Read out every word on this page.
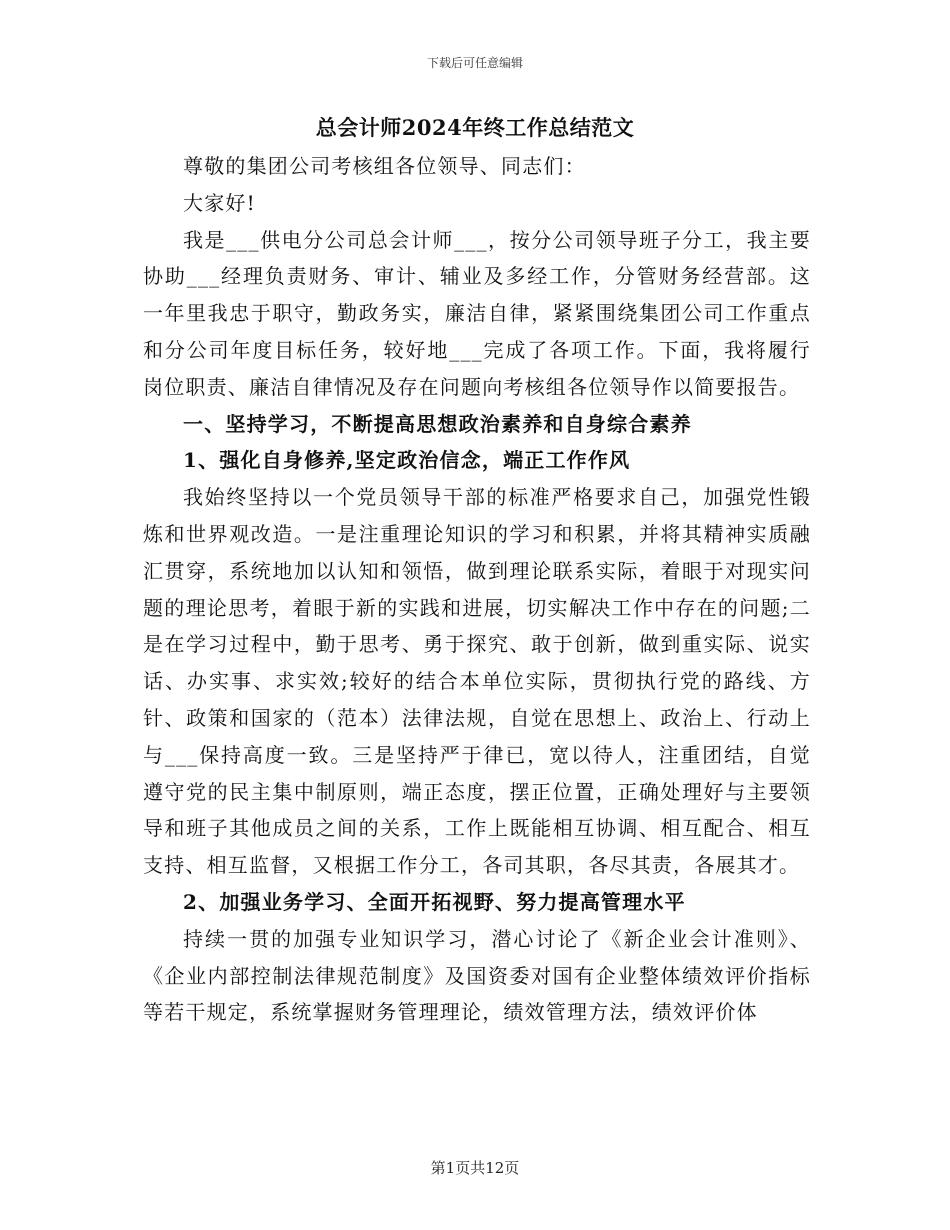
下载后可任意编辑
总会计师2024年终工作总结范文

尊敬的集团公司考核组各位领导、同志们：

大家好!

我是___供电分公司总会计师___，按分公司领导班子分工，我主要协助___经理负责财务、审计、辅业及多经工作，分管财务经营部。这一年里我忠于职守，勤政务实，廉洁自律，紧紧围绕集团公司工作重点和分公司年度目标任务，较好地___完成了各项工作。下面，我将履行岗位职责、廉洁自律情况及存在问题向考核组各位领导作以简要报告。

一、坚持学习，不断提高思想政治素养和自身综合素养

1、强化自身修养,坚定政治信念，端正工作作风

我始终坚持以一个党员领导干部的标准严格要求自己，加强党性锻炼和世界观改造。一是注重理论知识的学习和积累，并将其精神实质融汇贯穿，系统地加以认知和领悟，做到理论联系实际，着眼于对现实问题的理论思考，着眼于新的实践和进展，切实解决工作中存在的问题;二是在学习过程中，勤于思考、勇于探究、敢于创新，做到重实际、说实话、办实事、求实效;较好的结合本单位实际，贯彻执行党的路线、方针、政策和国家的（范本）法律法规，自觉在思想上、政治上、行动上与___保持高度一致。三是坚持严于律已，宽以待人，注重团结，自觉遵守党的民主集中制原则，端正态度，摆正位置，正确处理好与主要领导和班子其他成员之间的关系，工作上既能相互协调、相互配合、相互支持、相互监督，又根据工作分工，各司其职，各尽其责，各展其才。

2、加强业务学习、全面开拓视野、努力提高管理水平

持续一贯的加强专业知识学习，潜心讨论了《新企业会计准则》、《企业内部控制法律规范制度》及国资委对国有企业整体绩效评价指标等若干规定，系统掌握财务管理理论，绩效管理方法，绩效评价体

第1页共12页
